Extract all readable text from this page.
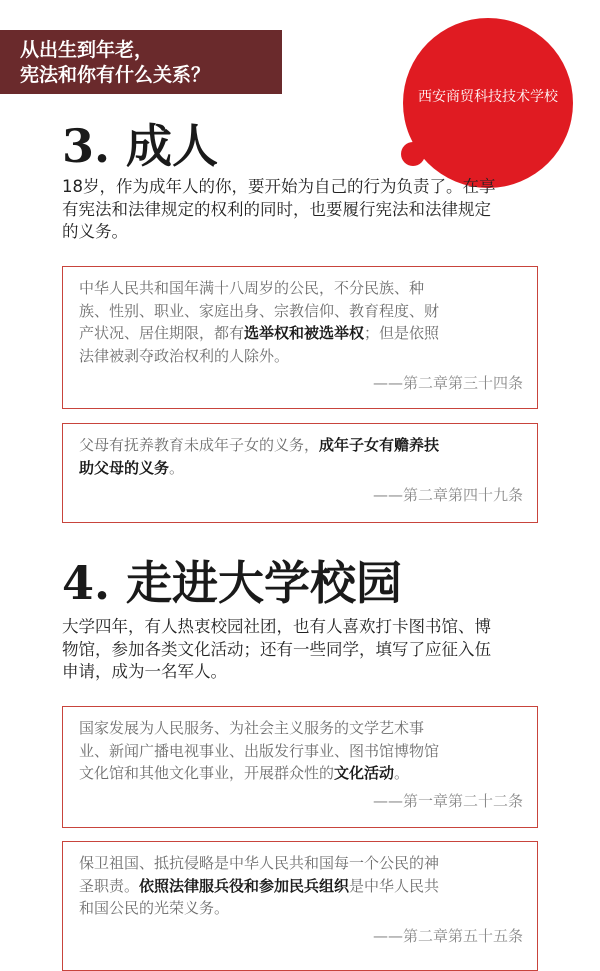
从出生到年老，
宪法和你有什么关系？
西安商贸科技技术学校
3. 成人
18岁，作为成年人的你，要开始为自己的行为负责了。在享
有宪法和法律规定的权利的同时，也要履行宪法和法律规定
的义务。
中华人民共和国年满十八周岁的公民，不分民族、种
族、性别、职业、家庭出身、宗教信仰、教育程度、财
产状况、居住期限，都有选举权和被选举权；但是依照
法律被剥夺政治权利的人除外。
——第二章第三十四条
父母有抚养教育未成年子女的义务，成年子女有赡养扶
助父母的义务。
——第二章第四十九条
4. 走进大学校园
大学四年，有人热衷校园社团，也有人喜欢打卡图书馆、博
物馆，参加各类文化活动；还有一些同学，填写了应征入伍
申请，成为一名军人。
国家发展为人民服务、为社会主义服务的文学艺术事
业、新闻广播电视事业、出版发行事业、图书馆博物馆
文化馆和其他文化事业，开展群众性的文化活动。
——第一章第二十二条
保卫祖国、抵抗侵略是中华人民共和国每一个公民的神
圣职责。依照法律服兵役和参加民兵组织是中华人民共
和国公民的光荣义务。
——第二章第五十五条
